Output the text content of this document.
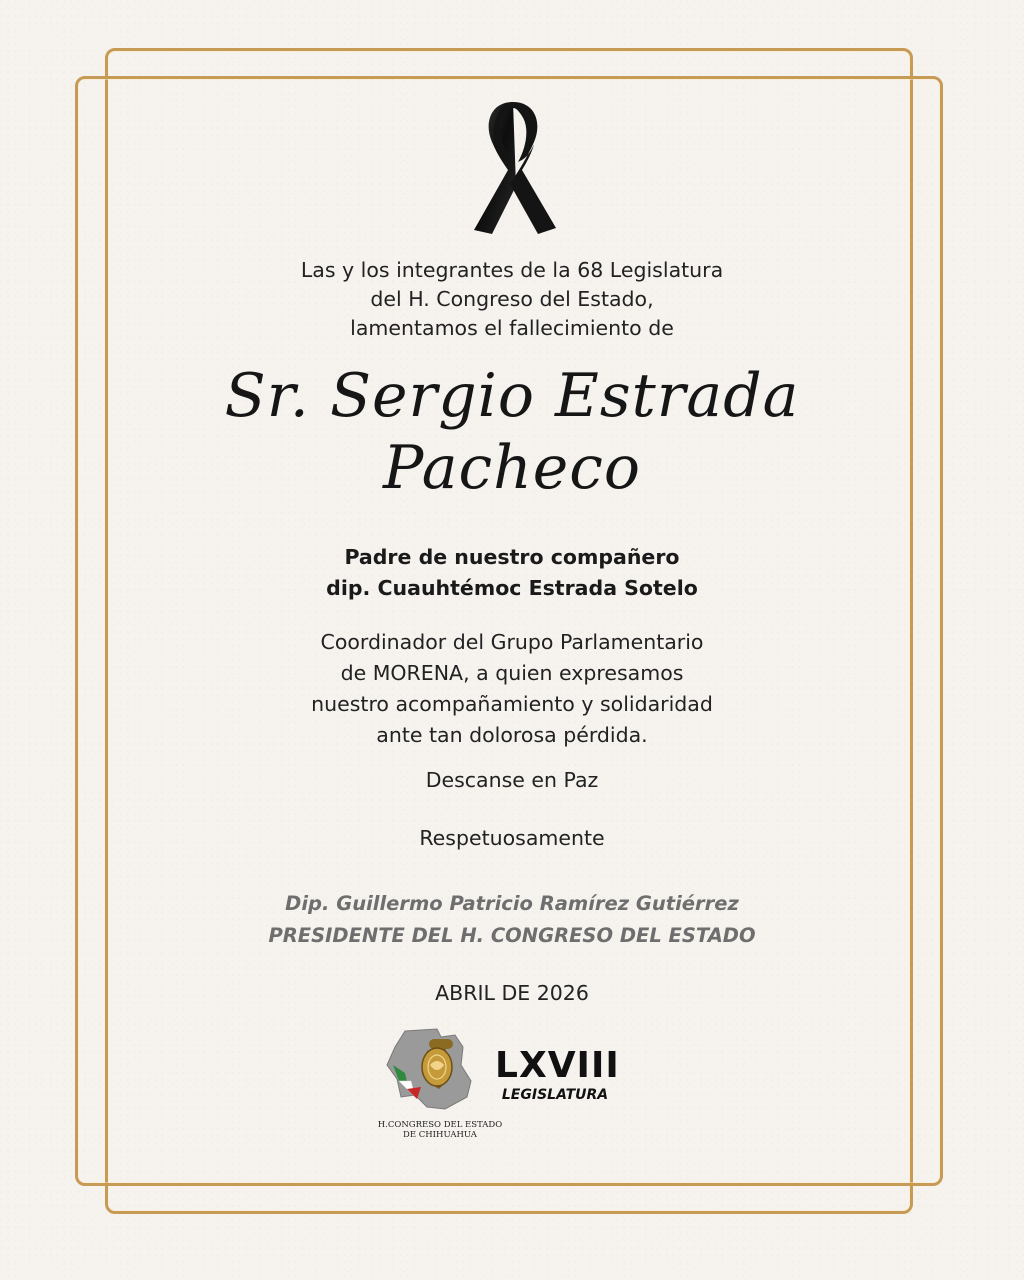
Las y los integrantes de la 68 Legislatura
del H. Congreso del Estado,
lamentamos el fallecimiento de
Sr. Sergio Estrada
Pacheco
Padre de nuestro compañero
dip. Cuauhtémoc Estrada Sotelo
Coordinador del Grupo Parlamentario
de MORENA, a quien expresamos
nuestro acompañamiento y solidaridad
ante tan dolorosa pérdida.
Descanse en Paz
Respetuosamente
Dip. Guillermo Patricio Ramírez Gutiérrez
PRESIDENTE DEL H. CONGRESO DEL ESTADO
ABRIL DE 2026
H.CONGRESO DEL ESTADO
DE CHIHUAHUA
LXVIII
LEGISLATURA
